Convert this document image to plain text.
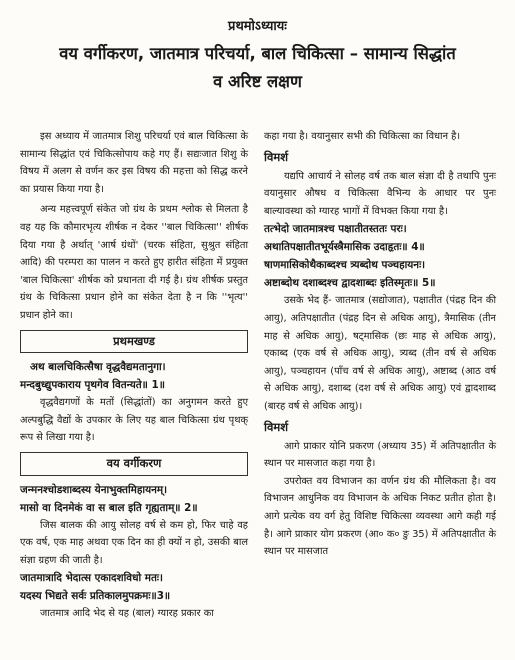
प्रथमोऽध्यायः
वय वर्गीकरण, जातमात्र परिचर्या, बाल चिकित्सा – सामान्य सिद्धांत
व अरिष्ट लक्षण

इस अध्याय में जातमात्र शिशु परिचर्या एवं बाल चिकित्सा के सामान्य सिद्धांत एवं चिकित्सोपाय कहे गए हैं। सद्यःजात शिशु के विषय में अलग से वर्णन कर इस विषय की महत्ता को सिद्ध करने का प्रयास किया गया है।

अन्य महत्त्वपूर्ण संकेत जो ग्रंथ के प्रथम श्लोक से मिलता है वह यह कि कौमारभृत्य शीर्षक न देकर ''बाल चिकित्सा'' शीर्षक दिया गया है अर्थात् 'आर्ष ग्रंथों' (चरक संहिता, सुश्रुत संहिता आदि) की परम्परा का पालन न करते हुए हारीत संहिता में प्रयुक्त 'बाल चिकित्सा' शीर्षक को प्रधानता दी गई है। ग्रंथ शीर्षक प्रस्तुत ग्रंथ के चिकित्सा प्रधान होने का संकेत देता है न कि ''भृत्य'' प्रधान होने का।

प्रथमखण्ड
अथ बालचिकित्सैषा वृद्धवैद्यमतानुगा।
मन्दबुध्द्युपकाराय पृथगेव वितन्यते॥ 1॥

वृद्धवैद्यगणों के मतों (सिद्धांतों) का अनुगमन करते हुए अल्पबुद्धि वैद्यों के उपकार के लिए यह बाल चिकित्सा ग्रंथ पृथक् रूप से लिखा गया है।

वय वर्गीकरण
जन्मनश्चोडशाब्दस्य येनाभुक्तमिहायनम्।
मासो वा दिनमेकं वा स बाल इति गृह्यताम्॥ 2॥

जिस बालक की आयु सोलह वर्ष से कम हो, फिर चाहे वह एक वर्ष, एक माह अथवा एक दिन का ही क्यों न हो, उसकी बाल संज्ञा ग्रहण की जाती है।

जातमात्रादि भेदात्स एकादशविधो मतः।
यदस्य भिद्यते सर्वः प्रतिकालमुपक्रमः॥3॥

जातमात्र आदि भेद से यह (बाल) ग्यारह प्रकार का

कहा गया है। वयानुसार सभी की चिकित्सा का विधान है।

विमर्श

यद्यपि आचार्य ने सोलह वर्ष तक बाल संज्ञा दी है तथापि पुनः वयानुसार औषध व चिकित्सा वैभिन्य के आधार पर पुनः बाल्यावस्था को ग्यारह भागों में विभक्त किया गया है।

तत्भेदो जातमात्रश्च पक्षातीतस्ततः परः।
अथातिपक्षातीतभूर्यस्त्रैमासिक उदाहृतः॥ 4॥
षाणमासिकोथैकाब्दश्च त्र्यब्दोथ पञ्चहायनः।
अष्टाब्दोथ दशाब्दश्च द्वादशाब्दः इतिस्मृतः॥ 5॥

उसके भेद हैं- जातमात्र (सद्योजात), पक्षातीत (पंद्रह दिन की आयु), अतिपक्षातीत (पंद्रह दिन से अधिक आयु), त्रैमासिक (तीन माह से अधिक आयु), षट्मासिक (छः माह से अधिक आयु), एकाब्द (एक वर्ष से अधिक आयु), त्र्यब्द (तीन वर्ष से अधिक आयु), पञ्चहायन (पाँच वर्ष से अधिक आयु), अष्टाब्द (आठ वर्ष से अधिक आयु), दशाब्द (दश वर्ष से अधिक आयु) एवं द्वादशाब्द (बारह वर्ष से अधिक आयु)।

विमर्श

आगे प्राकार योनि प्रकरण (अध्याय 35) में अतिपक्षातीत के स्थान पर मासजात कहा गया है।

उपरोक्त वय विभाजन का वर्णन ग्रंथ की मौलिकता है। वय विभाजन आधुनिक वय विभाजन के अधिक निकट प्रतीत होता है। आगे प्रत्येक वय वर्ग हेतु विशिष्ट चिकित्सा व्यवस्था आगे कही गई है। आगे प्राकार योग प्रकरण (आ० क० ङु 35) में अतिपक्षातीत के स्थान पर मासजात
